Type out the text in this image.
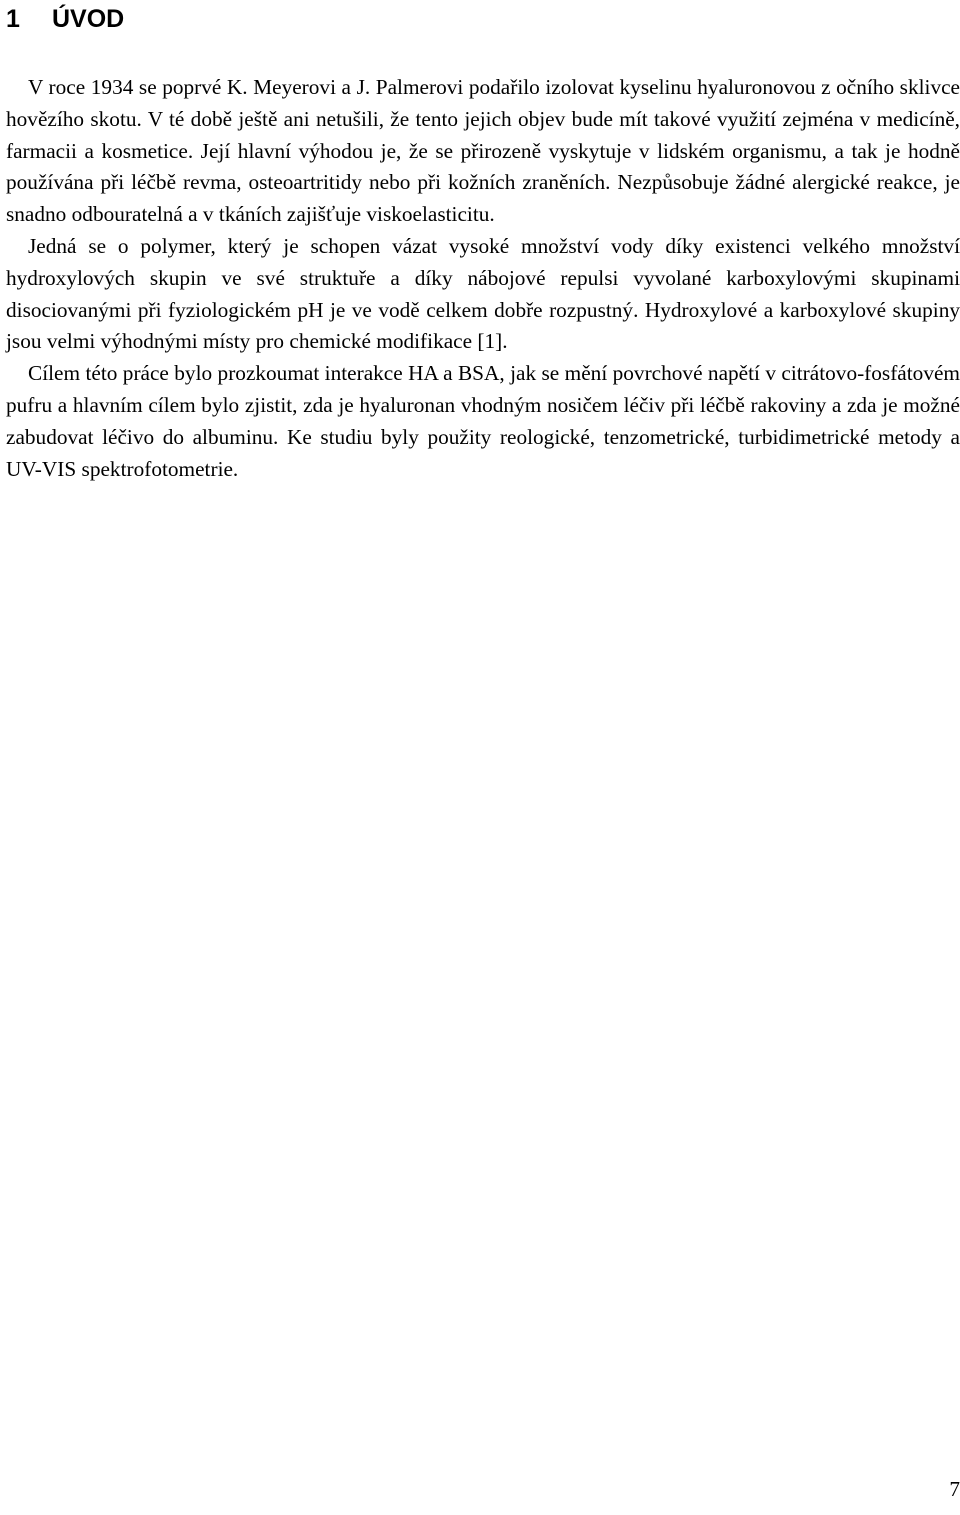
1 ÚVOD

V roce 1934 se poprvé K. Meyerovi a J. Palmerovi podařilo izolovat kyselinu hyaluronovou z očního sklivce hovězího skotu. V té době ještě ani netušili, že tento jejich objev bude mít takové využití zejména v medicíně, farmacii a kosmetice. Její hlavní výhodou je, že se přirozeně vyskytuje v lidském organismu, a tak je hodně používána při léčbě revma, osteoartritidy nebo při kožních zraněních. Nezpůsobuje žádné alergické reakce, je snadno odbouratelná a v tkáních zajišťuje viskoelasticitu.

Jedná se o polymer, který je schopen vázat vysoké množství vody díky existenci velkého množství hydroxylových skupin ve své struktuře a díky nábojové repulsi vyvolané karboxylovými skupinami disociovanými při fyziologickém pH je ve vodě celkem dobře rozpustný. Hydroxylové a karboxylové skupiny jsou velmi výhodnými místy pro chemické modifikace [1].

Cílem této práce bylo prozkoumat interakce HA a BSA, jak se mění povrchové napětí v citrátovo-fosfátovém pufru a hlavním cílem bylo zjistit, zda je hyaluronan vhodným nosičem léčiv při léčbě rakoviny a zda je možné zabudovat léčivo do albuminu. Ke studiu byly použity reologické, tenzometrické, turbidimetrické metody a UV-VIS spektrofotometrie.

7
